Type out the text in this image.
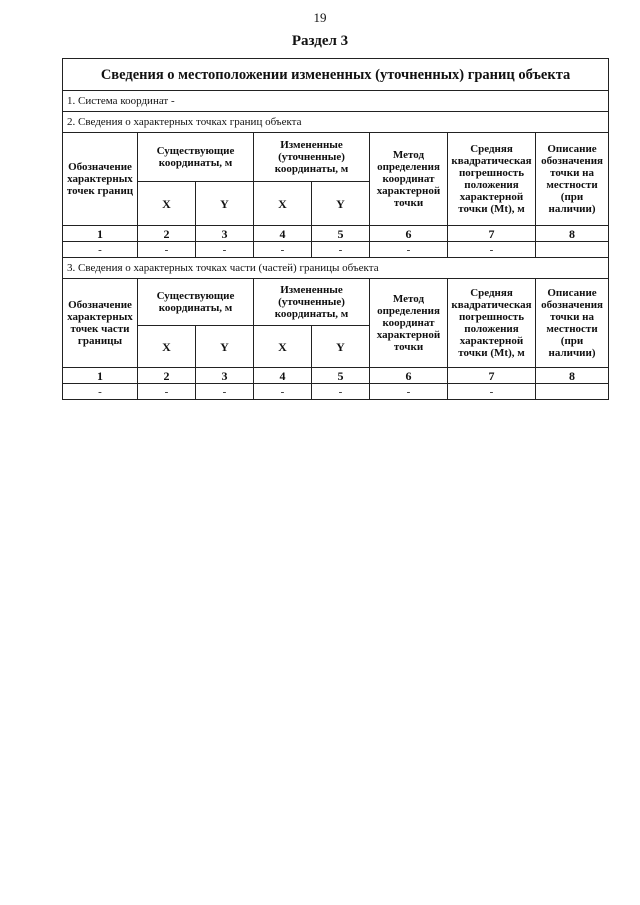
19
Раздел 3
Сведения о местоположении измененных (уточненных) границ объекта							
1. Система координат -							
2. Сведения о характерных точках границ объекта							
Обозначение характерных точек границ	Существующие координаты, м		Измененные (уточненные) координаты, м		Метод определения координат характерной точки	Средняя квадратическая погрешность положения характерной точки (Mt), м	Описание обозначения точки на местности (при наличии)
	X	Y	X	Y			
1	2	3	4	5	6	7	8
-	-	-	-	-	-	-	
3. Сведения о характерных точках части (частей) границы объекта							
Обозначение характерных точек части границы	Существующие координаты, м		Измененные (уточненные) координаты, м		Метод определения координат характерной точки	Средняя квадратическая погрешность положения характерной точки (Mt), м	Описание обозначения точки на местности (при наличии)
	X	Y	X	Y			
1	2	3	4	5	6	7	8
-	-	-	-	-	-	-	
